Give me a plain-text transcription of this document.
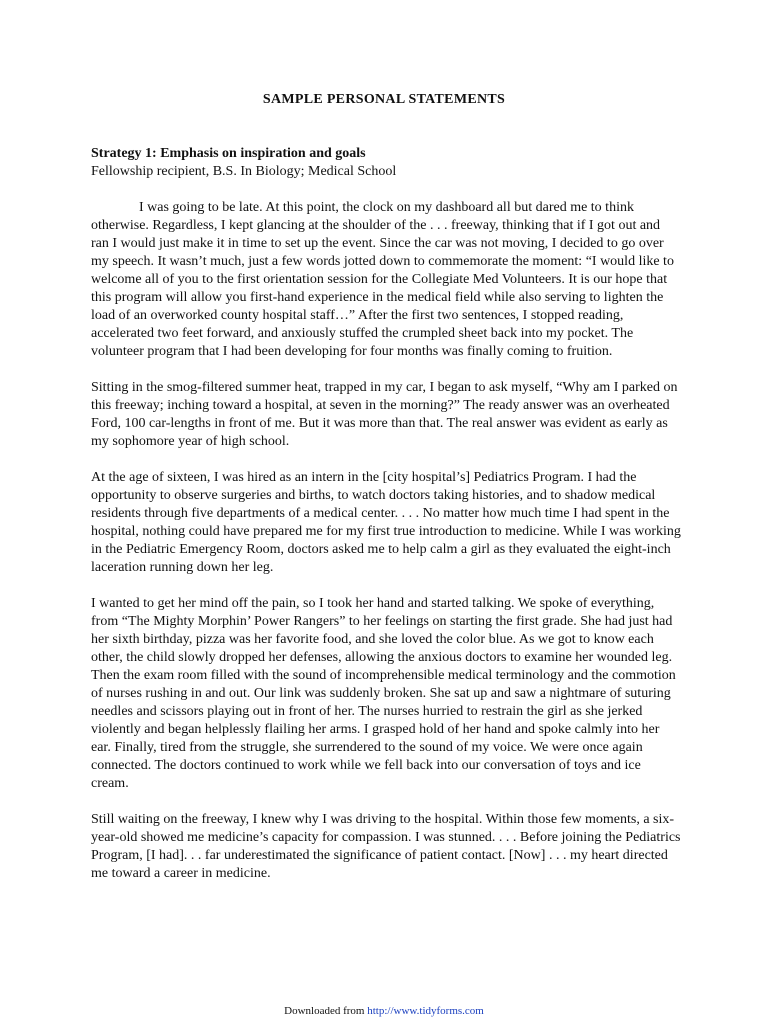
SAMPLE PERSONAL STATEMENTS

Strategy 1: Emphasis on inspiration and goals

Fellowship recipient, B.S. In Biology; Medical School

I was going to be late. At this point, the clock on my dashboard all but dared me to think otherwise. Regardless, I kept glancing at the shoulder of the . . . freeway, thinking that if I got out and ran I would just make it in time to set up the event. Since the car was not moving, I decided to go over my speech. It wasn’t much, just a few words jotted down to commemorate the moment: “I would like to welcome all of you to the first orientation session for the Collegiate Med Volunteers. It is our hope that this program will allow you first-hand experience in the medical field while also serving to lighten the load of an overworked county hospital staff…” After the first two sentences, I stopped reading, accelerated two feet forward, and anxiously stuffed the crumpled sheet back into my pocket. The volunteer program that I had been developing for four months was finally coming to fruition.

Sitting in the smog-filtered summer heat, trapped in my car, I began to ask myself, “Why am I parked on this freeway; inching toward a hospital, at seven in the morning?” The ready answer was an overheated Ford, 100 car-lengths in front of me. But it was more than that. The real answer was evident as early as my sophomore year of high school.

At the age of sixteen, I was hired as an intern in the [city hospital’s] Pediatrics Program. I had the opportunity to observe surgeries and births, to watch doctors taking histories, and to shadow medical residents through five departments of a medical center. . . . No matter how much time I had spent in the hospital, nothing could have prepared me for my first true introduction to medicine. While I was working in the Pediatric Emergency Room, doctors asked me to help calm a girl as they evaluated the eight-inch laceration running down her leg.

I wanted to get her mind off the pain, so I took her hand and started talking. We spoke of everything, from “The Mighty Morphin’ Power Rangers” to her feelings on starting the first grade. She had just had her sixth birthday, pizza was her favorite food, and she loved the color blue. As we got to know each other, the child slowly dropped her defenses, allowing the anxious doctors to examine her wounded leg. Then the exam room filled with the sound of incomprehensible medical terminology and the commotion of nurses rushing in and out. Our link was suddenly broken. She sat up and saw a nightmare of suturing needles and scissors playing out in front of her. The nurses hurried to restrain the girl as she jerked violently and began helplessly flailing her arms. I grasped hold of her hand and spoke calmly into her ear. Finally, tired from the struggle, she surrendered to the sound of my voice. We were once again connected. The doctors continued to work while we fell back into our conversation of toys and ice cream.

Still waiting on the freeway, I knew why I was driving to the hospital. Within those few moments, a six-year-old showed me medicine’s capacity for compassion. I was stunned. . . . Before joining the Pediatrics Program, [I had]. . . far underestimated the significance of patient contact. [Now] . . . my heart directed me toward a career in medicine.

Downloaded from http://www.tidyforms.com
